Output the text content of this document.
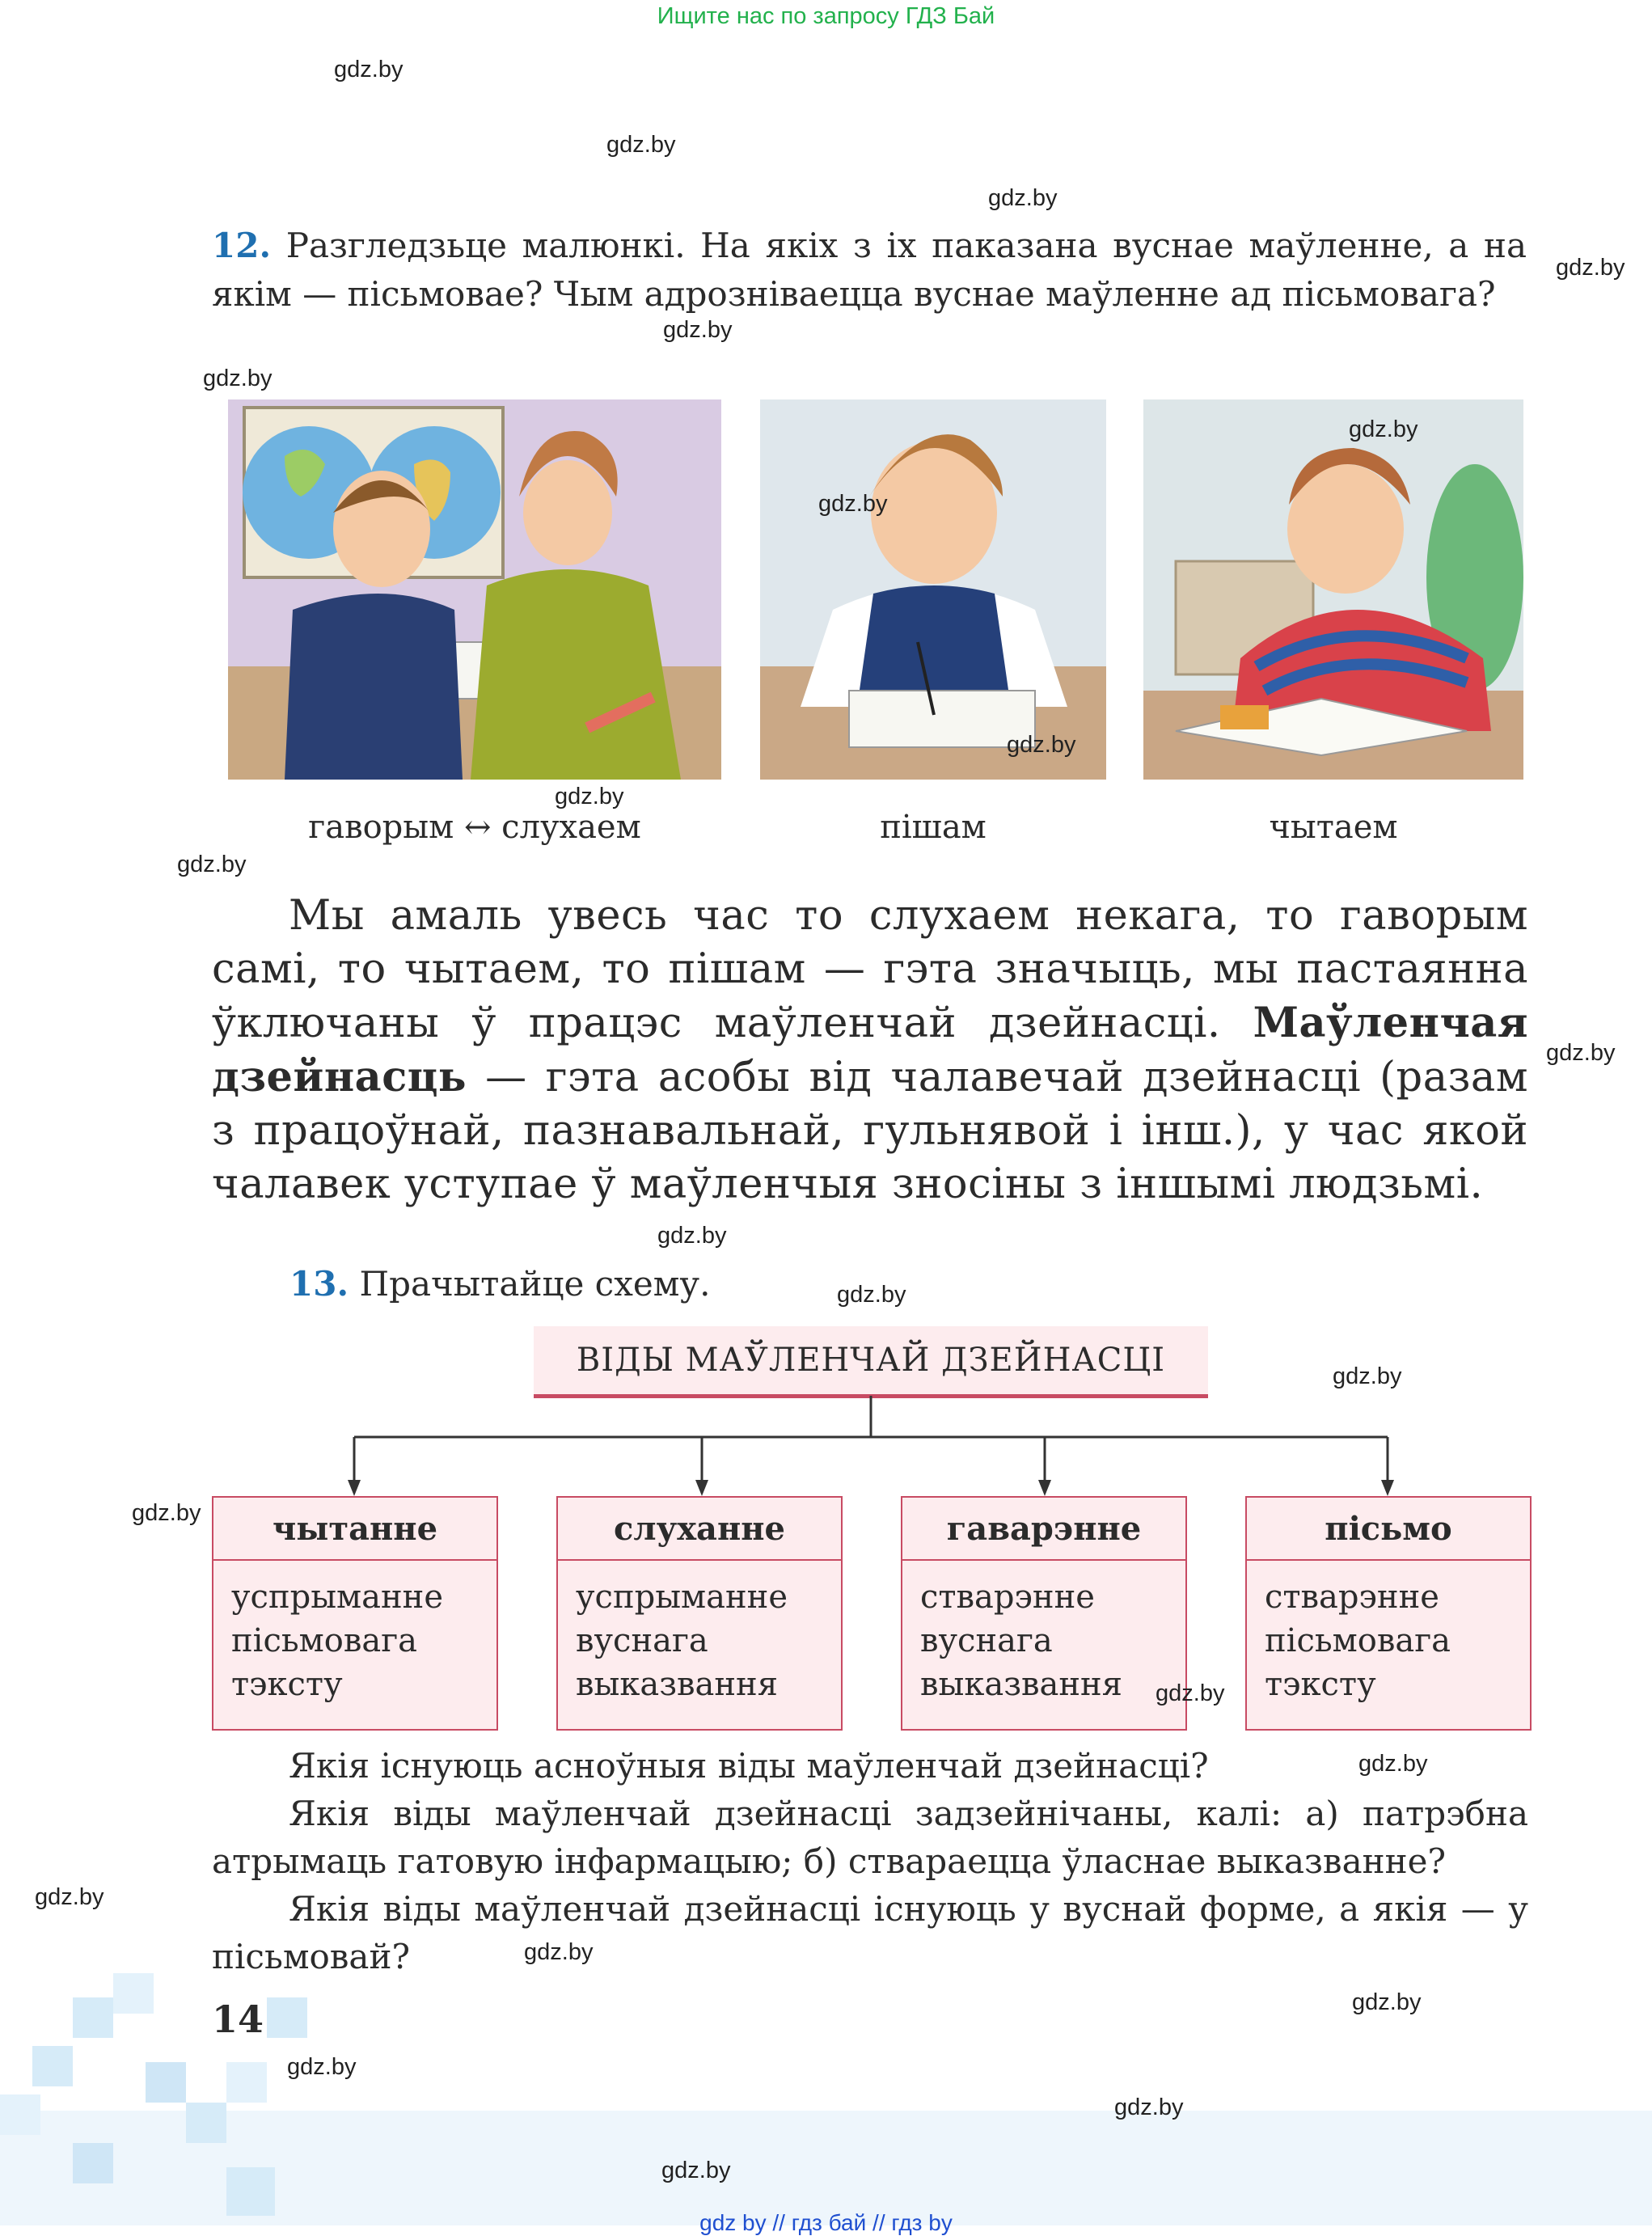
Ищите нас по запросу ГДЗ Бай
12. Разгледзьце малюнкі. На якіх з іх паказана вуснае маўленне, а на якім — пісьмовае? Чым адрозніваецца вуснае маўленне ад пісьмовага?
гаворым ↔ слухаем	пішам	чытаем
Мы амаль увесь час то слухаем некага, то гаворым самі, то чытаем, то пішам — гэта значыць, мы пастаянна ўключаны ў працэс маўленчай дзейнасці. Маўленчая дзейнасць — гэта асобы від чалавечай дзейнасці (разам з працоўнай, пазнавальнай, гульнявой і інш.), у час якой чалавек уступае ў маўленчыя зносіны з іншымі людзьмі.
13. Прачытайце схему.
ВІДЫ МАЎЛЕНЧАЙ ДЗЕЙНАСЦІ
чытанне
успрыманне
пісьмовага
тэксту
слуханне
успрыманне
вуснага
выказвання
гаварэнне
стварэнне
вуснага
выказвання
пісьмо
стварэнне
пісьмовага
тэксту
Якія існуюць асноўныя віды маўленчай дзейнасці?
Якія віды маўленчай дзейнасці задзейнічаны, калі: а) патрэбна атрымаць гатовую інфармацыю; б) ствараецца ўласнае выказванне?
Якія віды маўленчай дзейнасці існуюць у вуснай форме, а якія — у пісьмовай?
14
gdz.by
gdz.by
gdz.by
gdz.by
gdz.by
gdz.by
gdz.by
gdz.by
gdz.by
gdz.by
gdz.by
gdz.by
gdz.by
gdz.by
gdz.by
gdz.by
gdz.by
gdz.by
gdz.by
gdz.by
gdz.by
gdz.by
gdz.by
gdz.by
gdz by // гдз бай // гдз by
